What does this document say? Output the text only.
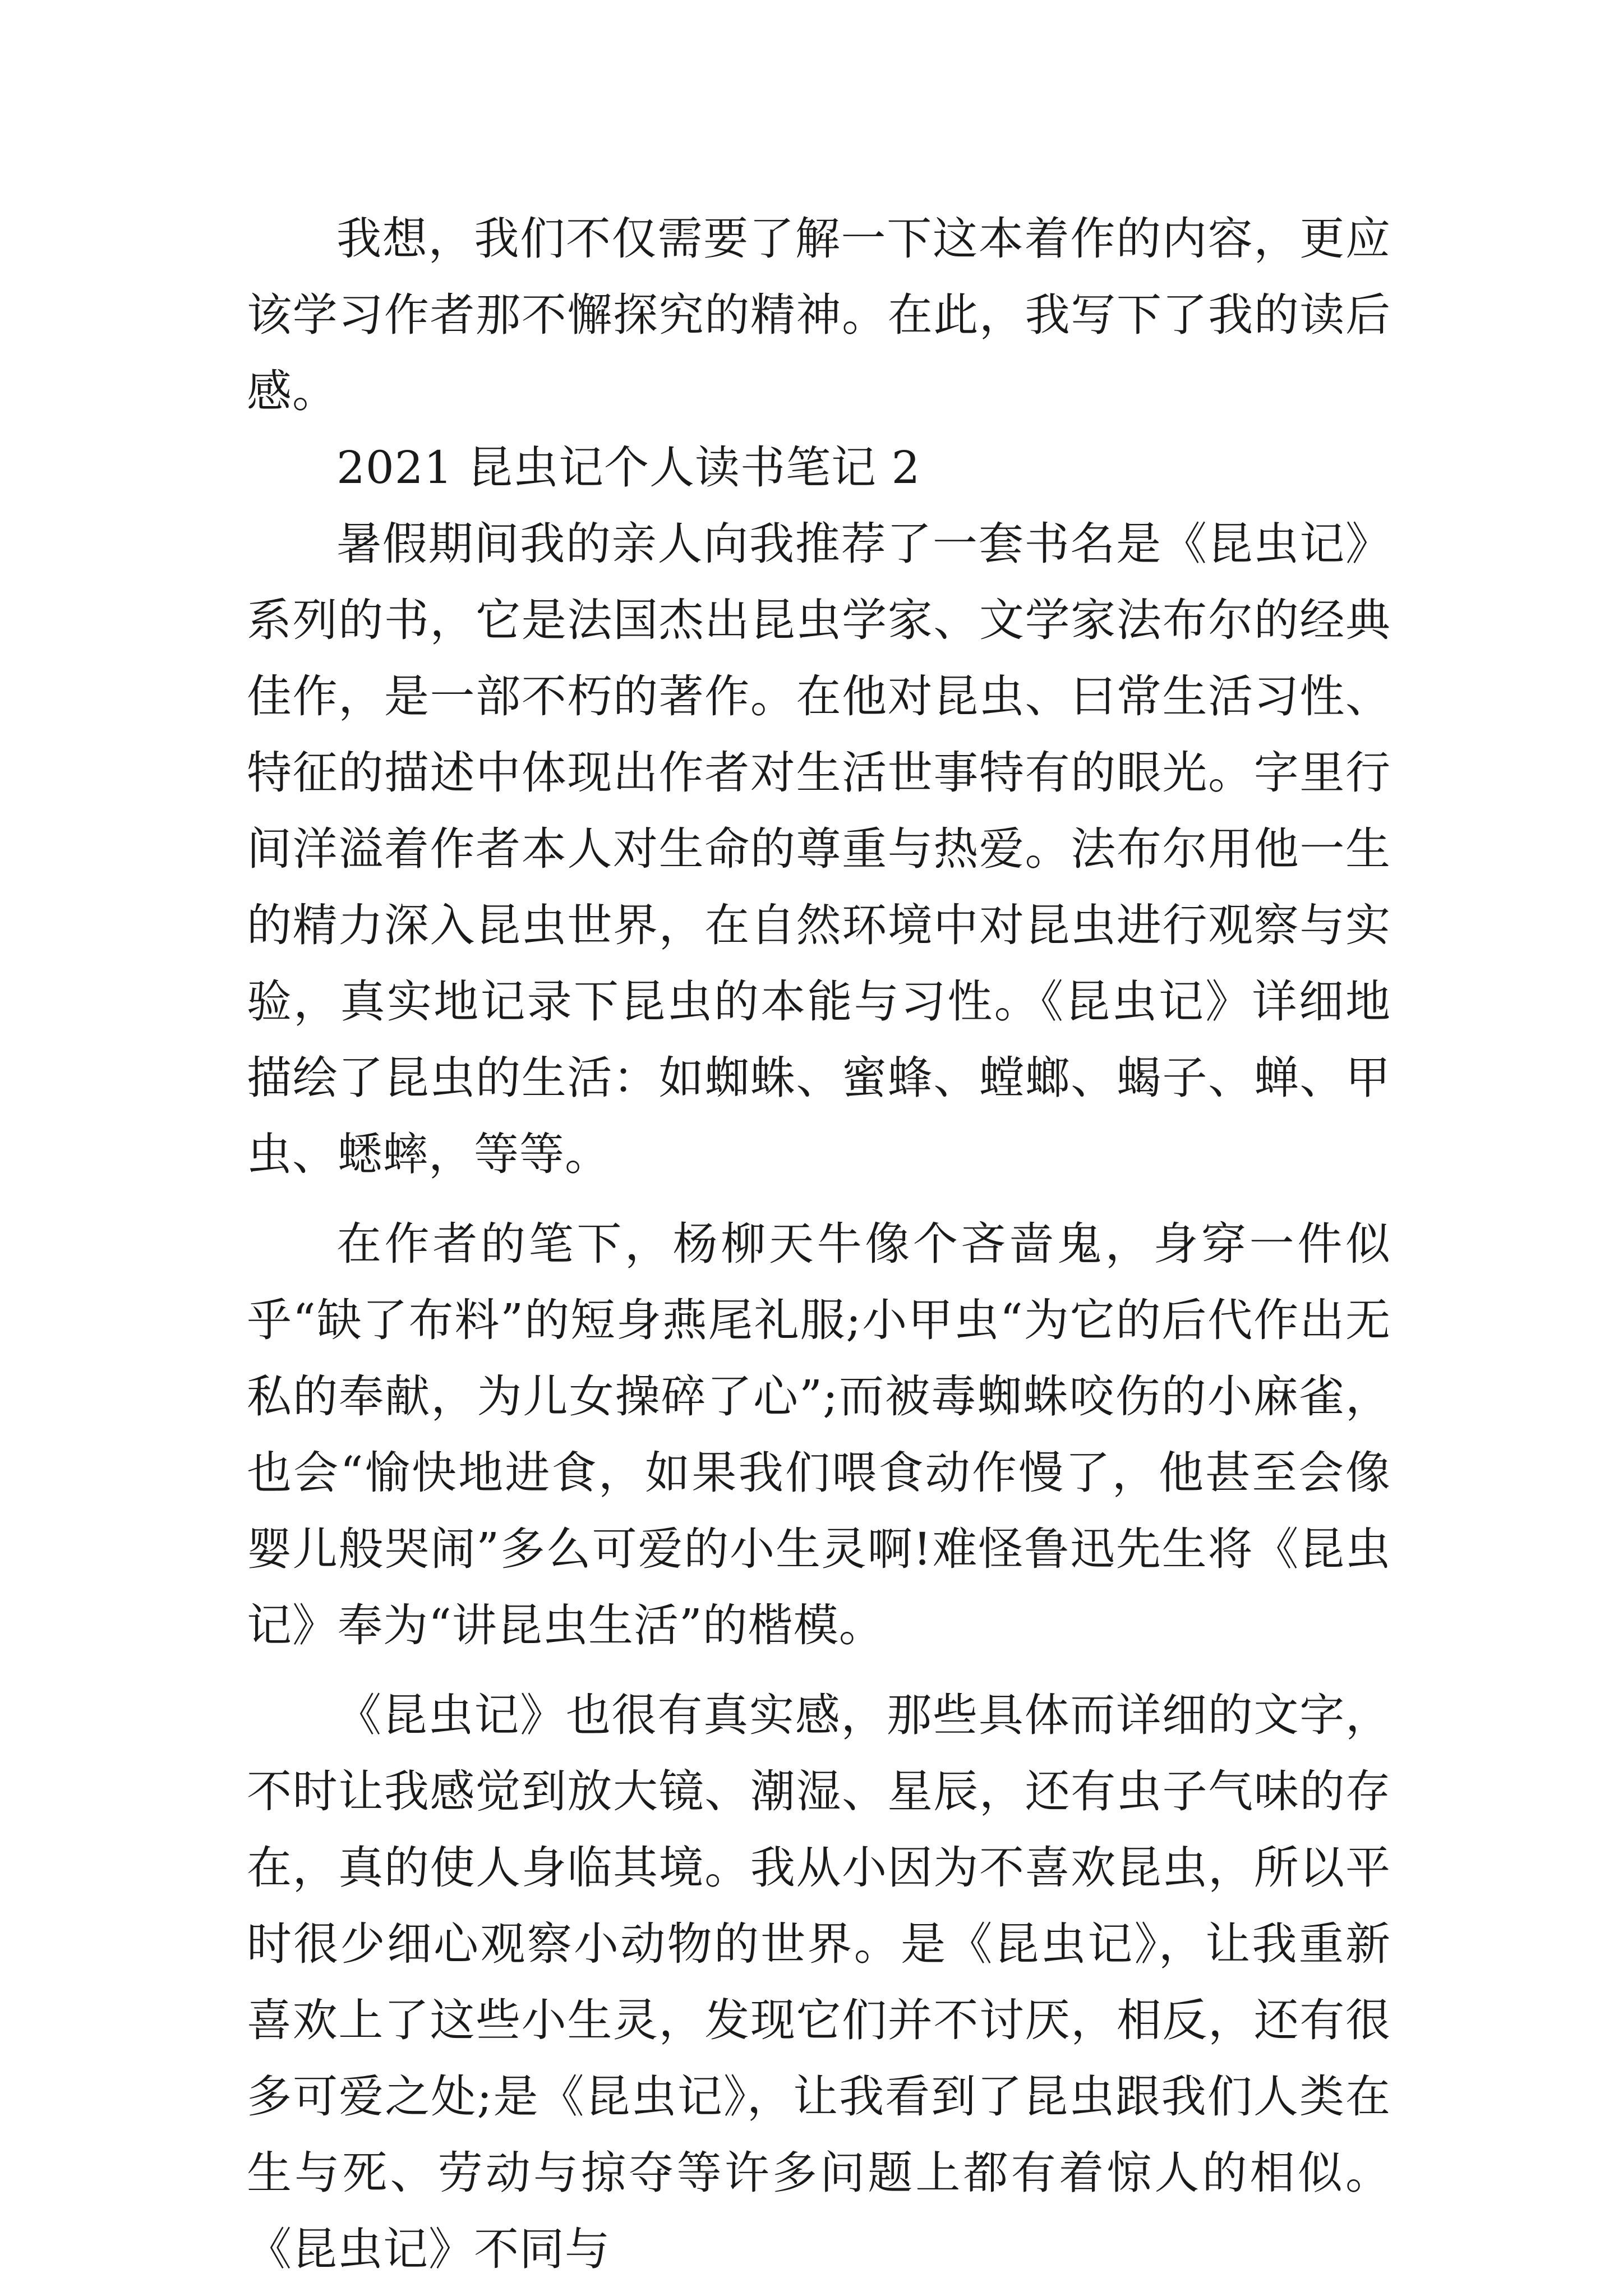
我想，我们不仅需要了解一下这本着作的内容，更应该学习作者那不懈探究的精神。在此，我写下了我的读后感。

2021 昆虫记个人读书笔记 2

暑假期间我的亲人向我推荐了一套书名是《昆虫记》系列的书，它是法国杰出昆虫学家、文学家法布尔的经典佳作，是一部不朽的著作。在他对昆虫、曰常生活习性、特征的描述中体现出作者对生活世事特有的眼光。字里行间洋溢着作者本人对生命的尊重与热爱。法布尔用他一生的精力深入昆虫世界，在自然环境中对昆虫进行观察与实验，真实地记录下昆虫的本能与习性。《昆虫记》详细地描绘了昆虫的生活：如蜘蛛、蜜蜂、螳螂、蝎子、蝉、甲虫、蟋蟀，等等。

在作者的笔下，杨柳天牛像个吝啬鬼，身穿一件似乎“缺了布料”的短身燕尾礼服;小甲虫“为它的后代作出无私的奉献，为儿女操碎了心”;而被毒蜘蛛咬伤的小麻雀，也会“愉快地进食，如果我们喂食动作慢了，他甚至会像婴儿般哭闹”多么可爱的小生灵啊!难怪鲁迅先生将《昆虫记》奉为“讲昆虫生活”的楷模。

《昆虫记》也很有真实感，那些具体而详细的文字，不时让我感觉到放大镜、潮湿、星辰，还有虫子气味的存在，真的使人身临其境。我从小因为不喜欢昆虫，所以平时很少细心观察小动物的世界。是《昆虫记》，让我重新喜欢上了这些小生灵，发现它们并不讨厌，相反，还有很多可爱之处;是《昆虫记》，让我看到了昆虫跟我们人类在生与死、劳动与掠夺等许多问题上都有着惊人的相似。《昆虫记》不同与
